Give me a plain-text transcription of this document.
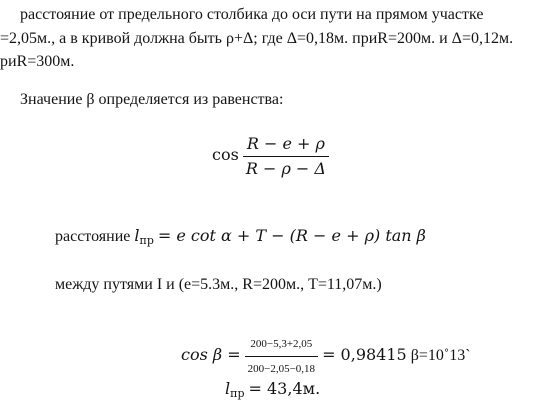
расстояние от предельного столбика до оси пути на прямом участке
=2,05м., а в кривой должна быть ρ+Δ; где Δ=0,18м. приR=200м. и Δ=0,12м.
риR=300м.
Значение β определяется из равенства:
$\cos \frac{R - e + \rho}{R - \rho - \Delta}$
расстояние $l_{пр} = e$ cot α + T − (R − e + ρ) tan β
между путями I и (e=5.3м., R=200м., T=11,07м.)
$\cos \beta = \frac{200-5,3+2,05}{200-2,05-0,18} = 0,98415$ β=10˚13`
$l_{пр} = 43,4м$.
